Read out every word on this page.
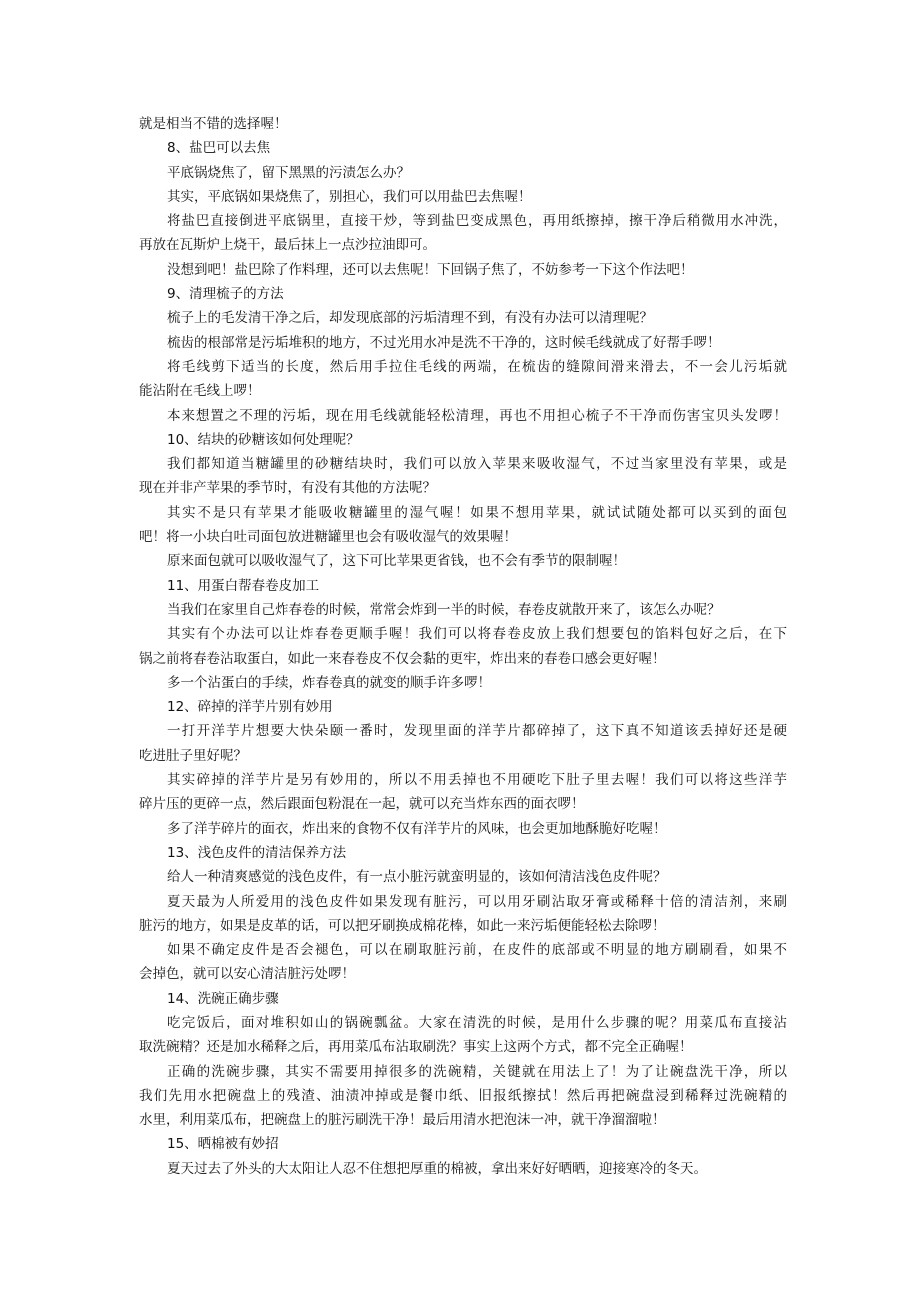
就是相当不错的选择喔！
8、盐巴可以去焦
平底锅烧焦了，留下黑黑的污渍怎么办？
其实，平底锅如果烧焦了，别担心，我们可以用盐巴去焦喔！
将盐巴直接倒进平底锅里，直接干炒，等到盐巴变成黑色，再用纸擦掉，擦干净后稍微用水冲洗，
再放在瓦斯炉上烧干，最后抹上一点沙拉油即可。
没想到吧！盐巴除了作料理，还可以去焦呢！下回锅子焦了，不妨参考一下这个作法吧！
9、清理梳子的方法
梳子上的毛发清干净之后，却发现底部的污垢清理不到，有没有办法可以清理呢？
梳齿的根部常是污垢堆积的地方，不过光用水冲是洗不干净的，这时候毛线就成了好帮手啰！
将毛线剪下适当的长度，然后用手拉住毛线的两端，在梳齿的缝隙间滑来滑去，不一会儿污垢就
能沾附在毛线上啰！
本来想置之不理的污垢，现在用毛线就能轻松清理，再也不用担心梳子不干净而伤害宝贝头发啰！
10、结块的砂糖该如何处理呢？
我们都知道当糖罐里的砂糖结块时，我们可以放入苹果来吸收湿气，不过当家里没有苹果，或是
现在并非产苹果的季节时，有没有其他的方法呢？
其实不是只有苹果才能吸收糖罐里的湿气喔！如果不想用苹果，就试试随处都可以买到的面包
吧！将一小块白吐司面包放进糖罐里也会有吸收湿气的效果喔！
原来面包就可以吸收湿气了，这下可比苹果更省钱，也不会有季节的限制喔！
11、用蛋白帮春卷皮加工
当我们在家里自己炸春卷的时候，常常会炸到一半的时候，春卷皮就散开来了，该怎么办呢？
其实有个办法可以让炸春卷更顺手喔！我们可以将春卷皮放上我们想要包的馅料包好之后，在下
锅之前将春卷沾取蛋白，如此一来春卷皮不仅会黏的更牢，炸出来的春卷口感会更好喔！
多一个沾蛋白的手续，炸春卷真的就变的顺手许多啰！
12、碎掉的洋芋片别有妙用
一打开洋芋片想要大快朵颐一番时，发现里面的洋芋片都碎掉了，这下真不知道该丢掉好还是硬
吃进肚子里好呢？
其实碎掉的洋芋片是另有妙用的，所以不用丢掉也不用硬吃下肚子里去喔！我们可以将这些洋芋
碎片压的更碎一点，然后跟面包粉混在一起，就可以充当炸东西的面衣啰！
多了洋芋碎片的面衣，炸出来的食物不仅有洋芋片的风味，也会更加地酥脆好吃喔！
13、浅色皮件的清洁保养方法
给人一种清爽感觉的浅色皮件，有一点小脏污就蛮明显的，该如何清洁浅色皮件呢？
夏天最为人所爱用的浅色皮件如果发现有脏污，可以用牙刷沾取牙膏或稀释十倍的清洁剂，来刷
脏污的地方，如果是皮革的话，可以把牙刷换成棉花棒，如此一来污垢便能轻松去除啰！
如果不确定皮件是否会褪色，可以在刷取脏污前，在皮件的底部或不明显的地方刷刷看，如果不
会掉色，就可以安心清洁脏污处啰！
14、洗碗正确步骤
吃完饭后，面对堆积如山的锅碗瓢盆。大家在清洗的时候，是用什么步骤的呢？用菜瓜布直接沾
取洗碗精？还是加水稀释之后，再用菜瓜布沾取刷洗？事实上这两个方式，都不完全正确喔！
正确的洗碗步骤，其实不需要用掉很多的洗碗精，关键就在用法上了！为了让碗盘洗干净，所以
我们先用水把碗盘上的残渣、油渍冲掉或是餐巾纸、旧报纸擦拭！然后再把碗盘浸到稀释过洗碗精的
水里，利用菜瓜布，把碗盘上的脏污刷洗干净！最后用清水把泡沫一冲，就干净溜溜啦！
15、晒棉被有妙招
夏天过去了外头的大太阳让人忍不住想把厚重的棉被，拿出来好好晒晒，迎接寒冷的冬天。
